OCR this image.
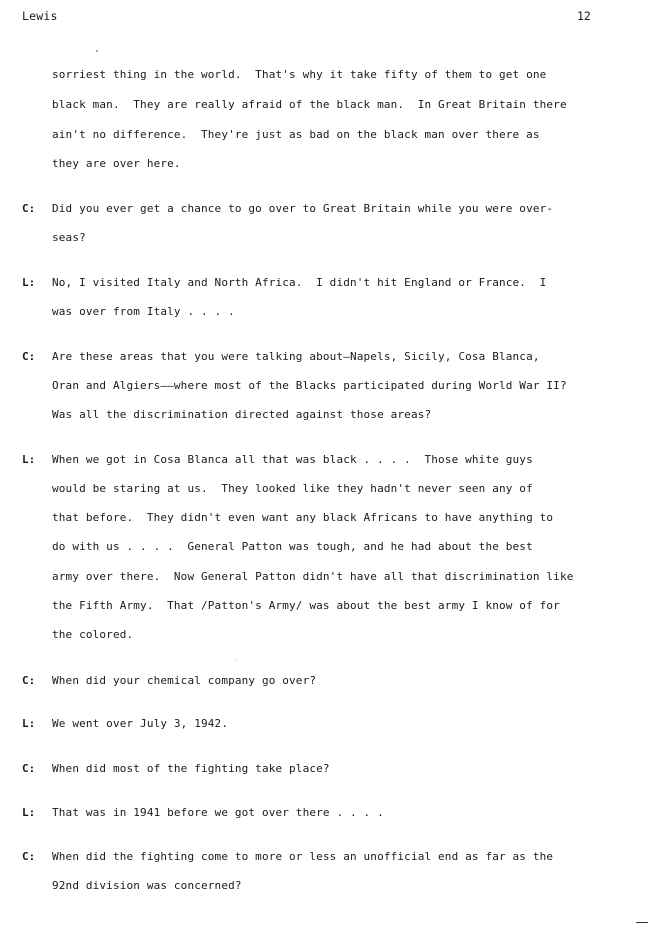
Lewis	12
sorriest thing in the world.  That's why it take fifty of them to get one
black man.  They are really afraid of the black man.  In Great Britain there
ain't no difference.  They're just as bad on the black man over there as
they are over here.
C: Did you ever get a chance to go over to Great Britain while you were over-
seas?
L: No, I visited Italy and North Africa.  I didn't hit England or France.  I
was over from Italy . . . .
C: Are these areas that you were talking about—Napels, Sicily, Cosa Blanca,
Oran and Algiers——where most of the Blacks participated during World War II?
Was all the discrimination directed against those areas?
L: When we got in Cosa Blanca all that was black . . . .  Those white guys
would be staring at us.  They looked like they hadn't never seen any of
that before.  They didn't even want any black Africans to have anything to
do with us . . . .  General Patton was tough, and he had about the best
army over there.  Now General Patton didn't have all that discrimination like
the Fifth Army.  That /Patton's Army/ was about the best army I know of for
the colored.
C: When did your chemical company go over?
L: We went over July 3, 1942.
C: When did most of the fighting take place?
L: That was in 1941 before we got over there . . . .
C: When did the fighting come to more or less an unofficial end as far as the
92nd division was concerned?
